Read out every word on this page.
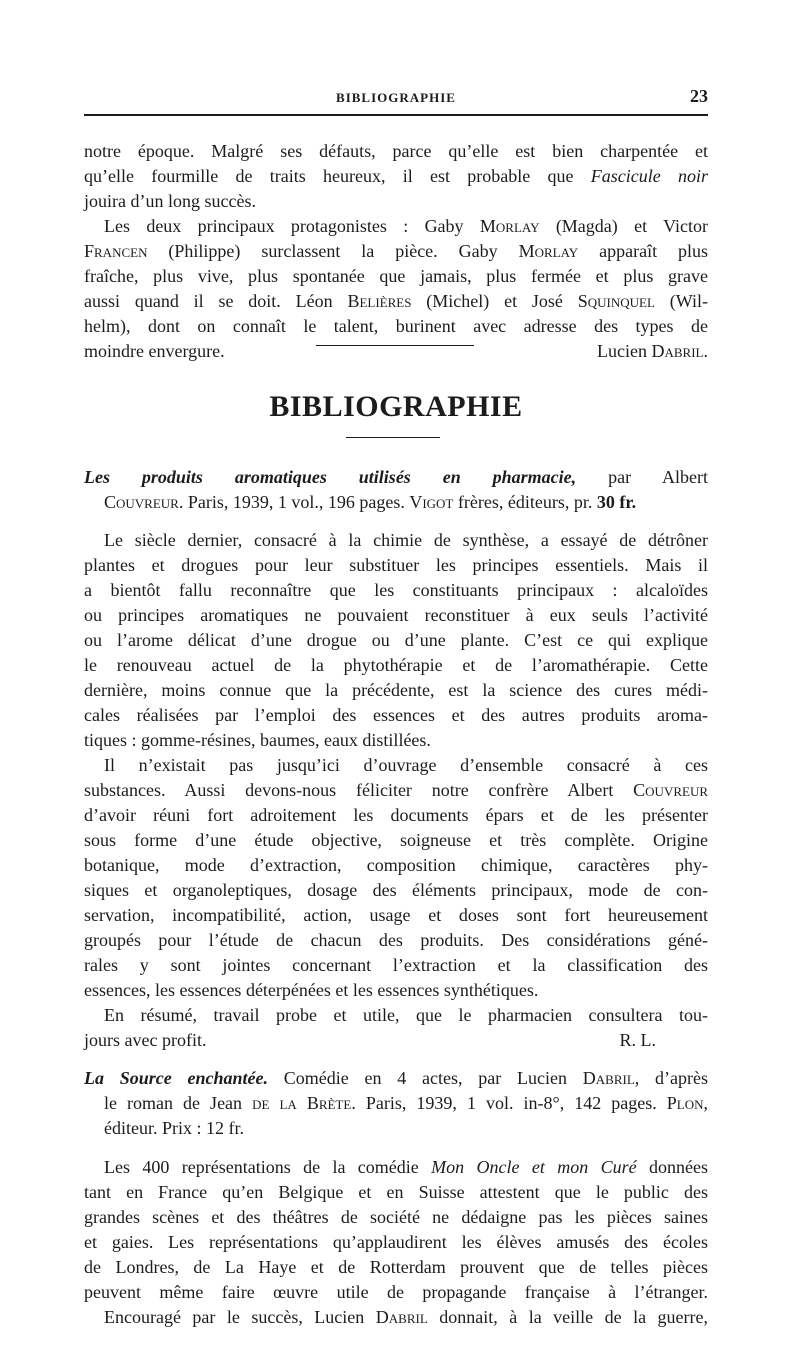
BIBLIOGRAPHIE	23
notre époque. Malgré ses défauts, parce qu’elle est bien charpentée et
qu’elle fourmille de traits heureux, il est probable que Fascicule noir
jouira d’un long succès.
Les deux principaux protagonistes : Gaby Morlay (Magda) et Victor
Francen (Philippe) surclassent la pièce. Gaby Morlay apparaît plus
fraîche, plus vive, plus spontanée que jamais, plus fermée et plus grave
aussi quand il se doit. Léon Belières (Michel) et José Squinquel (Wil-
helm), dont on connaît le talent, burinent avec adresse des types de
moindre envergure.	Lucien Dabril.
BIBLIOGRAPHIE
Les produits aromatiques utilisés en pharmacie, par Albert
Couvreur. Paris, 1939, 1 vol., 196 pages. Vigot frères, éditeurs, pr. 30 fr.
Le siècle dernier, consacré à la chimie de synthèse, a essayé de détrôner
plantes et drogues pour leur substituer les principes essentiels. Mais il
a bientôt fallu reconnaître que les constituants principaux : alcaloïdes
ou principes aromatiques ne pouvaient reconstituer à eux seuls l’activité
ou l’arome délicat d’une drogue ou d’une plante. C’est ce qui explique
le renouveau actuel de la phytothérapie et de l’aromathérapie. Cette
dernière, moins connue que la précédente, est la science des cures médi-
cales réalisées par l’emploi des essences et des autres produits aroma-
tiques : gomme-résines, baumes, eaux distillées.
Il n’existait pas jusqu’ici d’ouvrage d’ensemble consacré à ces
substances. Aussi devons-nous féliciter notre confrère Albert Couvreur
d’avoir réuni fort adroitement les documents épars et de les présenter
sous forme d’une étude objective, soigneuse et très complète. Origine
botanique, mode d’extraction, composition chimique, caractères phy-
siques et organoleptiques, dosage des éléments principaux, mode de con-
servation, incompatibilité, action, usage et doses sont fort heureusement
groupés pour l’étude de chacun des produits. Des considérations géné-
rales y sont jointes concernant l’extraction et la classification des
essences, les essences déterpénées et les essences synthétiques.
En résumé, travail probe et utile, que le pharmacien consultera tou-
jours avec profit.	R. L.
La Source enchantée. Comédie en 4 actes, par Lucien Dabril, d’après
le roman de Jean de la Brète. Paris, 1939, 1 vol. in-8°, 142 pages. Plon,
éditeur. Prix : 12 fr.
Les 400 représentations de la comédie Mon Oncle et mon Curé données
tant en France qu’en Belgique et en Suisse attestent que le public des
grandes scènes et des théâtres de société ne dédaigne pas les pièces saines
et gaies. Les représentations qu’applaudirent les élèves amusés des écoles
de Londres, de La Haye et de Rotterdam prouvent que de telles pièces
peuvent même faire œuvre utile de propagande française à l’étranger.
Encouragé par le succès, Lucien Dabril donnait, à la veille de la guerre,
